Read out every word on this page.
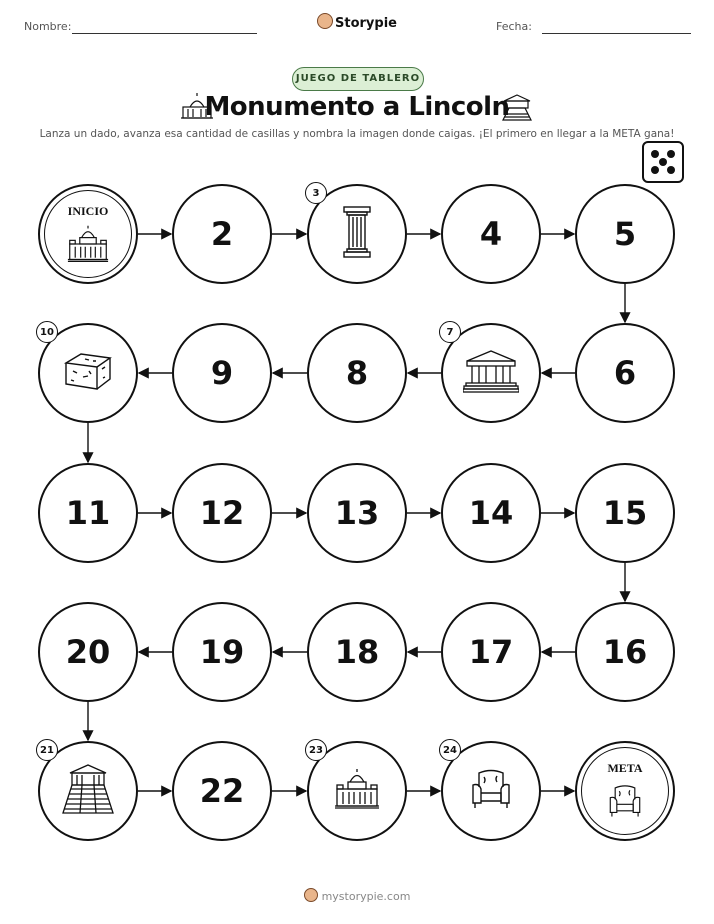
Nombre:	Storypie	Fecha:
JUEGO DE TABLERO
Monumento a Lincoln
Lanza un dado, avanza esa cantidad de casillas y nombra la imagen donde caigas. ¡El primero en llegar a la META gana!
INICIO
2
3
4	5
6
7
8
9
10
11	12	13	14	15
16
17
18
19
20
21
22
23	24
META
mystorypie.com
